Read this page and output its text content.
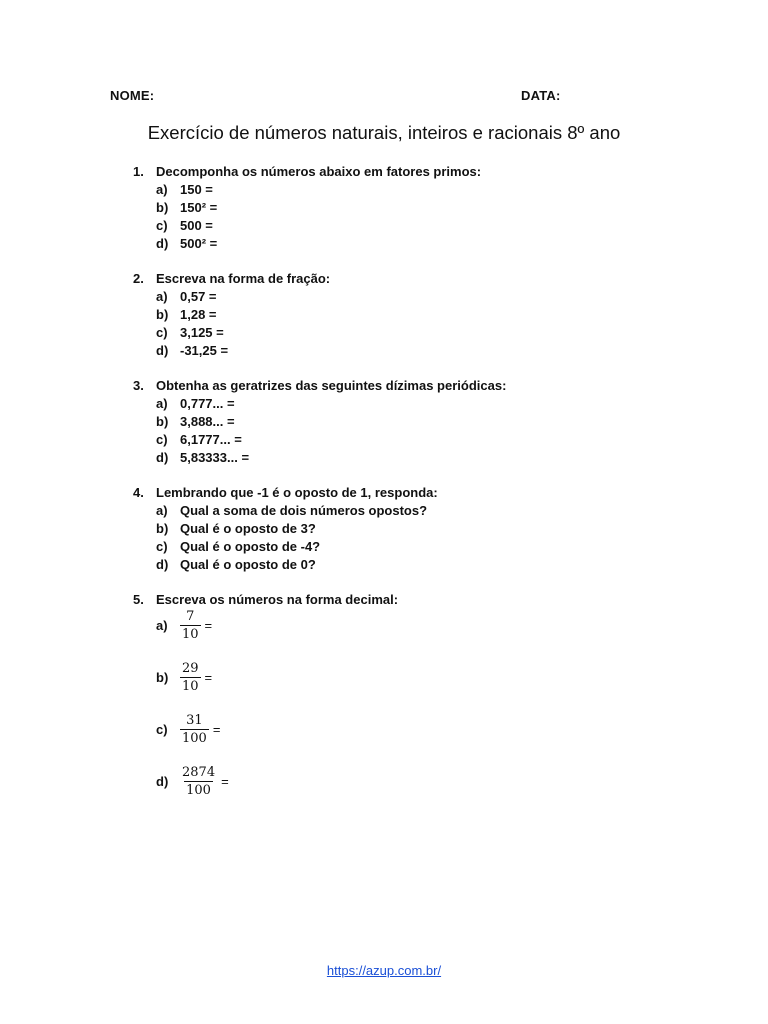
NOME:	DATA:
Exercício de números naturais, inteiros e racionais 8º ano
1. Decomponha os números abaixo em fatores primos:
a) 150 =
b) 150² =
c) 500 =
d) 500² =
2. Escreva na forma de fração:
a) 0,57 =
b) 1,28 =
c) 3,125 =
d) -31,25 =
3. Obtenha as geratrizes das seguintes dízimas periódicas:
a) 0,777... =
b) 3,888... =
c) 6,1777... =
d) 5,83333... =
4. Lembrando que -1 é o oposto de 1, responda:
a) Qual a soma de dois números opostos?
b) Qual é o oposto de 3?
c) Qual é o oposto de -4?
d) Qual é o oposto de 0?
5. Escreva os números na forma decimal:
$a) \frac{7}{10}$ =
$b) \frac{29}{10}$ =
$c) \frac{31}{100}$ =
$d) \frac{2874}{100}$ =
https://azup.com.br/
